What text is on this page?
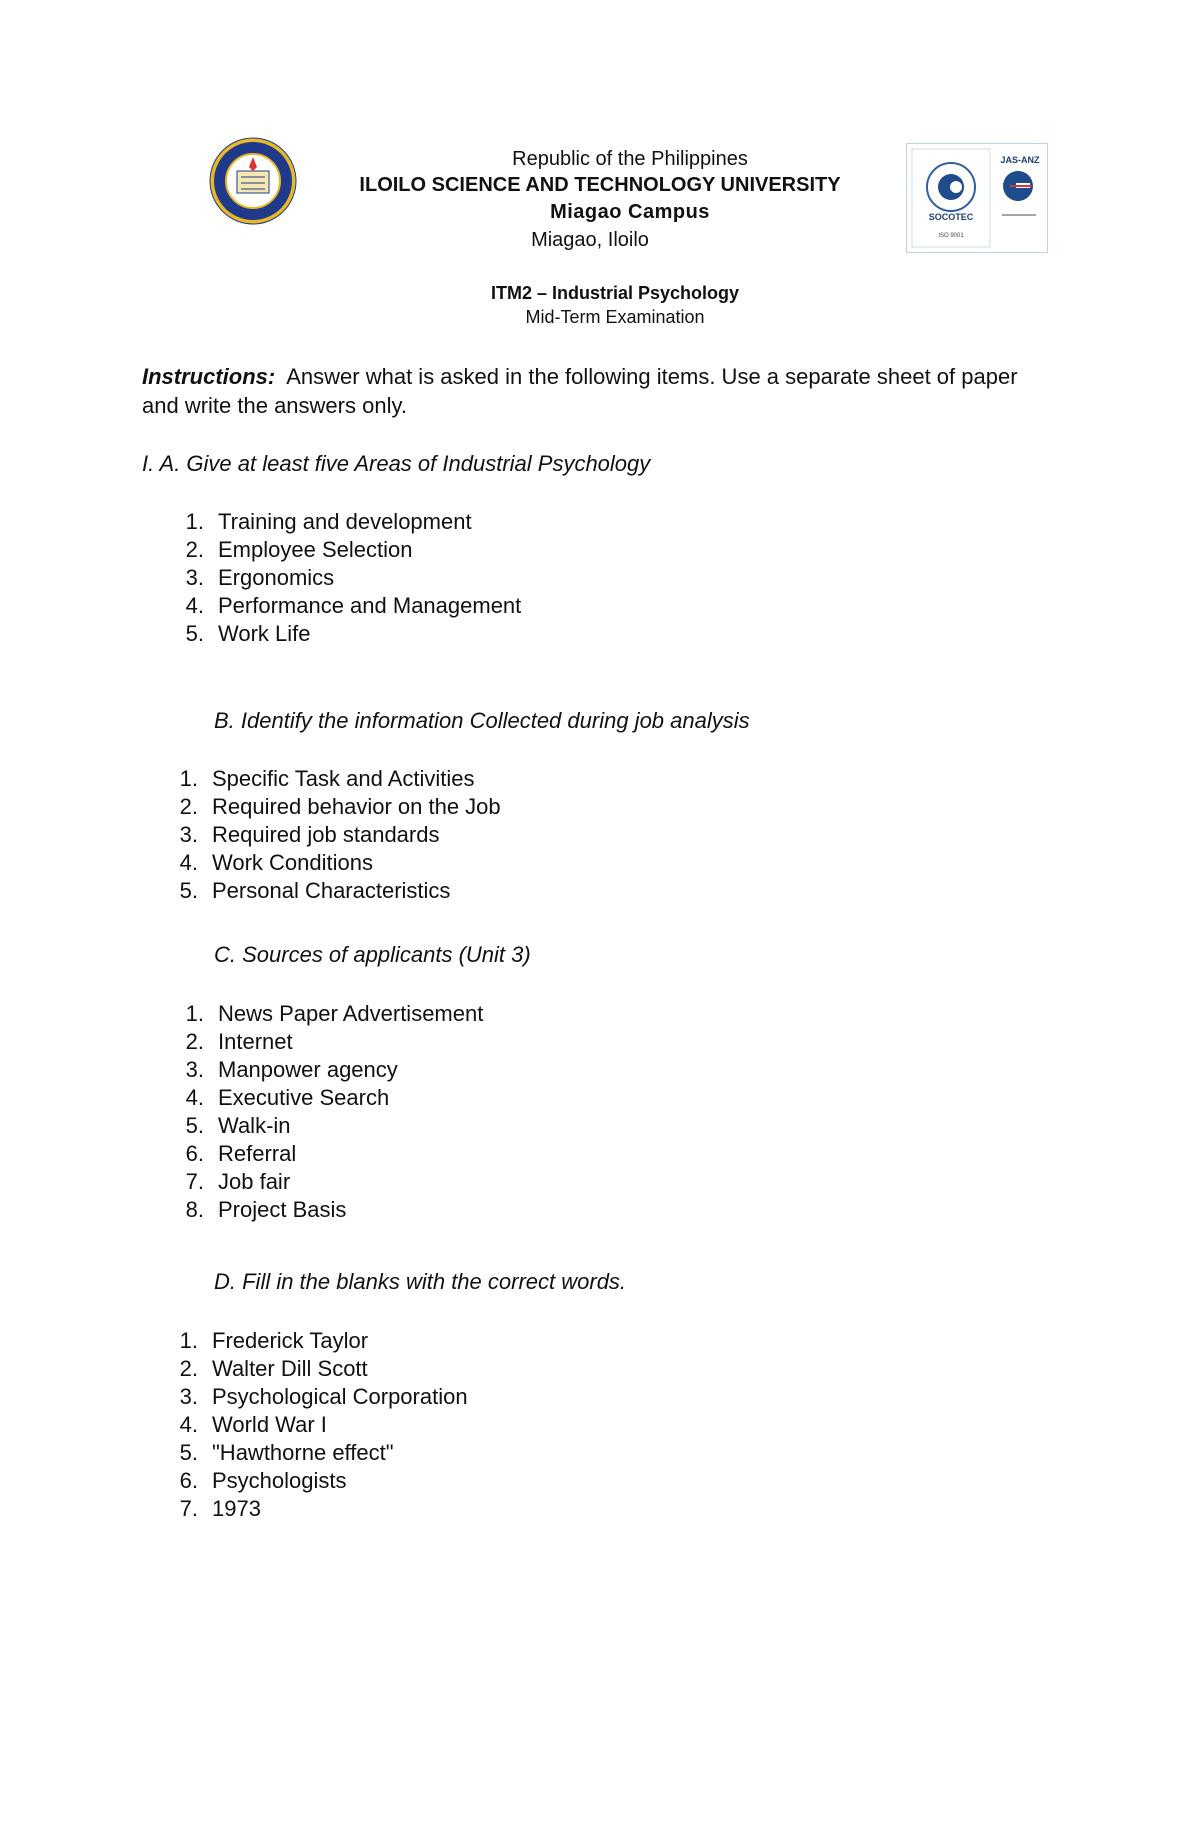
Republic of the Philippines
ILOILO SCIENCE AND TECHNOLOGY UNIVERSITY
Miagao Campus
Miagao, Iloilo
SOCOTEC
ISO 9001
JAS-ANZ
ITM2 – Industrial Psychology
Mid-Term Examination
Instructions: Answer what is asked in the following items. Use a separate sheet of paper and write the answers only.
I. A. Give at least five Areas of Industrial Psychology
1. Training and development
2. Employee Selection
3. Ergonomics
4. Performance and Management
5. Work Life
B. Identify the information Collected during job analysis
1. Specific Task and Activities
2. Required behavior on the Job
3. Required job standards
4. Work Conditions
5. Personal Characteristics
C. Sources of applicants (Unit 3)
1. News Paper Advertisement
2. Internet
3. Manpower agency
4. Executive Search
5. Walk-in
6. Referral
7. Job fair
8. Project Basis
D. Fill in the blanks with the correct words.
1. Frederick Taylor
2. Walter Dill Scott
3. Psychological Corporation
4. World War I
5. "Hawthorne effect"
6. Psychologists
7. 1973
